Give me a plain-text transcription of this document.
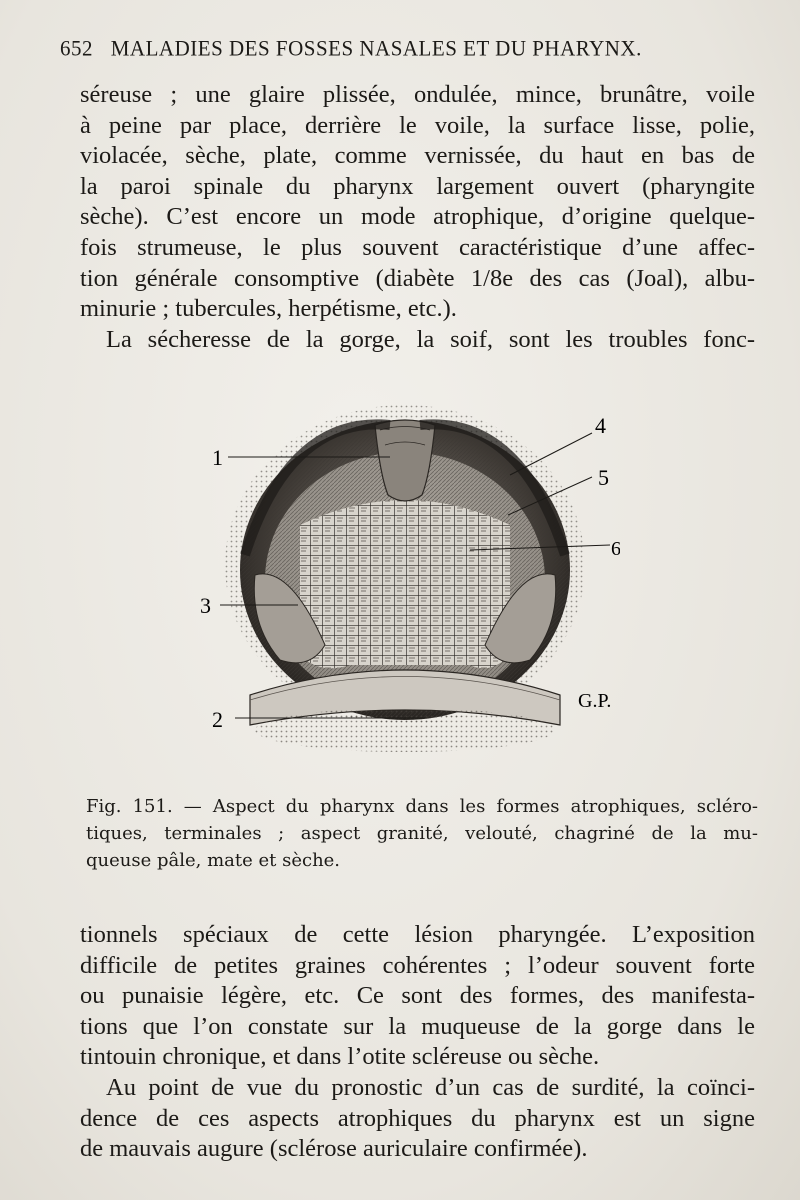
652 MALADIES DES FOSSES NASALES ET DU PHARYNX.
séreuse ; une glaire plissée, ondulée, mince, brunâtre, voile
à peine par place, derrière le voile, la surface lisse, polie,
violacée, sèche, plate, comme vernissée, du haut en bas de
la paroi spinale du pharynx largement ouvert (pharyngite
sèche). C’est encore un mode atrophique, d’origine quelque-
fois strumeuse, le plus souvent caractéristique d’une affec-
tion générale consomptive (diabète 1/8e des cas (Joal), albu-
minurie ; tubercules, herpétisme, etc.).
La sécheresse de la gorge, la soif, sont les troubles fonc-
1
2
3
4
5
6
G.P.
Fig. 151. — Aspect du pharynx dans les formes atrophiques, scléro-
tiques, terminales ; aspect granité, velouté, chagriné de la mu-
queuse pâle, mate et sèche.
tionnels spéciaux de cette lésion pharyngée. L’exposition
difficile de petites graines cohérentes ; l’odeur souvent forte
ou punaisie légère, etc. Ce sont des formes, des manifesta-
tions que l’on constate sur la muqueuse de la gorge dans le
tintouin chronique, et dans l’otite scléreuse ou sèche.
Au point de vue du pronostic d’un cas de surdité, la coïnci-
dence de ces aspects atrophiques du pharynx est un signe
de mauvais augure (sclérose auriculaire confirmée).
